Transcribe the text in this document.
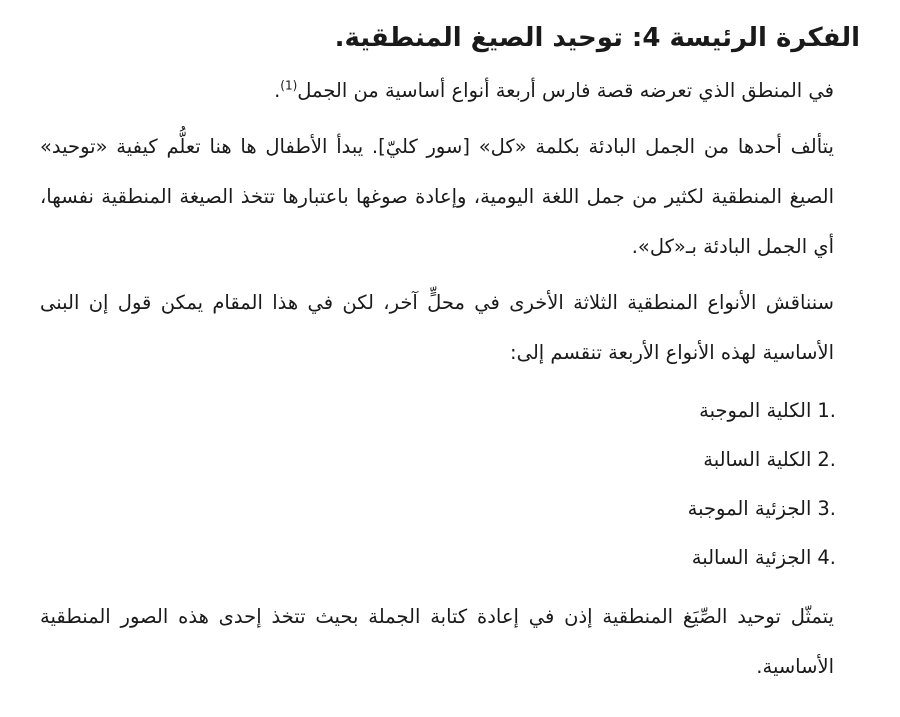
الفكرة الرئيسة 4: توحيد الصيغ المنطقية.

في المنطق الذي تعرضه قصة فارس أربعة أنواع أساسية من الجمل$^{(1)}$.

يتألف أحدها من الجمل البادئة بكلمة «كل» [سور كليّ]. يبدأ الأطفال ها هنا تعلُّم كيفية «توحيد» الصيغ المنطقية لكثير من جمل اللغة اليومية، وإعادة صوغها باعتبارها تتخذ الصيغة المنطقية نفسها، أي الجمل البادئة بـ«كل».

سنناقش الأنواع المنطقية الثلاثة الأخرى في محلٍّ آخر، لكن في هذا المقام يمكن قول إن البنى الأساسية لهذه الأنواع الأربعة تنقسم إلى:

1.الكلية الموجبة
2.الكلية السالبة
3.الجزئية الموجبة
4.الجزئية السالبة

يتمثّل توحيد الصِّيَغ المنطقية إذن في إعادة كتابة الجملة بحيث تتخذ إحدى هذه الصور المنطقية الأساسية.
